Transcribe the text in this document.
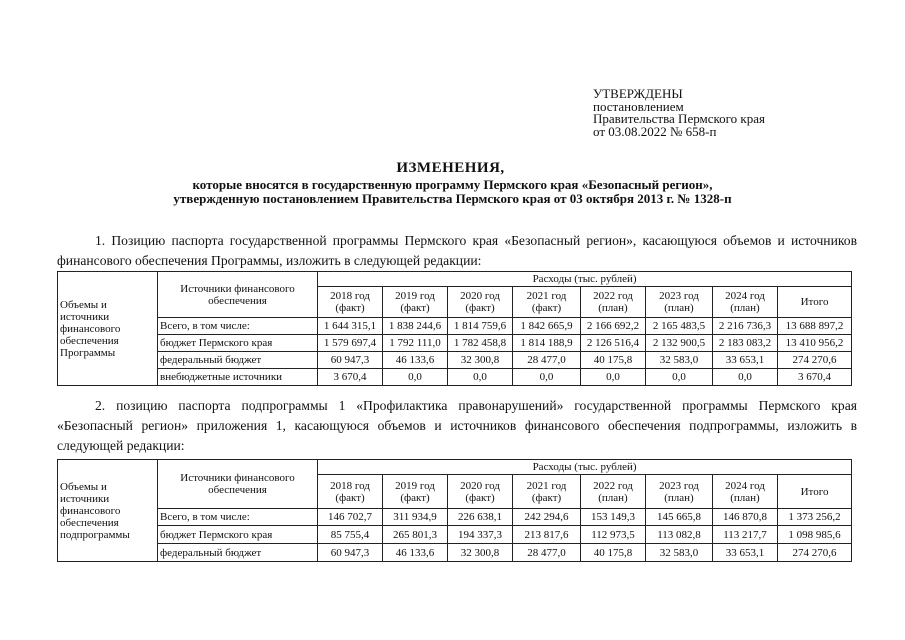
УТВЕРЖДЕНЫ
постановлением
Правительства Пермского края
от 03.08.2022 № 658-п
ИЗМЕНЕНИЯ,
которые вносятся в государственную программу Пермского края «Безопасный регион»,
утвержденную постановлением Правительства Пермского края от 03 октября 2013 г. № 1328-п
1. Позицию паспорта государственной программы Пермского края «Безопасный регион», касающуюся объемов и источников финансового обеспечения Программы, изложить в следующей редакции:
Объемы и источники финансового обеспечения Программы	Источники финансового обеспечения	Расходы (тыс. рублей)							
		2018 год (факт)	2019 год (факт)	2020 год (факт)	2021 год (факт)	2022 год (план)	2023 год (план)	2024 год (план)	Итого
	Всего, в том числе:	1 644 315,1	1 838 244,6	1 814 759,6	1 842 665,9	2 166 692,2	2 165 483,5	2 216 736,3	13 688 897,2
	бюджет Пермского края	1 579 697,4	1 792 111,0	1 782 458,8	1 814 188,9	2 126 516,4	2 132 900,5	2 183 083,2	13 410 956,2
	федеральный бюджет	60 947,3	46 133,6	32 300,8	28 477,0	40 175,8	32 583,0	33 653,1	274 270,6
	внебюджетные источники	3 670,4	0,0	0,0	0,0	0,0	0,0	0,0	3 670,4
2. позицию паспорта подпрограммы 1 «Профилактика правонарушений» государственной программы Пермского края «Безопасный регион» приложения 1, касающуюся объемов и источников финансового обеспечения подпрограммы, изложить в следующей редакции:
Объемы и источники финансового обеспечения подпрограммы	Источники финансового обеспечения	Расходы (тыс. рублей)							
		2018 год (факт)	2019 год (факт)	2020 год (факт)	2021 год (факт)	2022 год (план)	2023 год (план)	2024 год (план)	Итого
	Всего, в том числе:	146 702,7	311 934,9	226 638,1	242 294,6	153 149,3	145 665,8	146 870,8	1 373 256,2
	бюджет Пермского края	85 755,4	265 801,3	194 337,3	213 817,6	112 973,5	113 082,8	113 217,7	1 098 985,6
	федеральный бюджет	60 947,3	46 133,6	32 300,8	28 477,0	40 175,8	32 583,0	33 653,1	274 270,6
